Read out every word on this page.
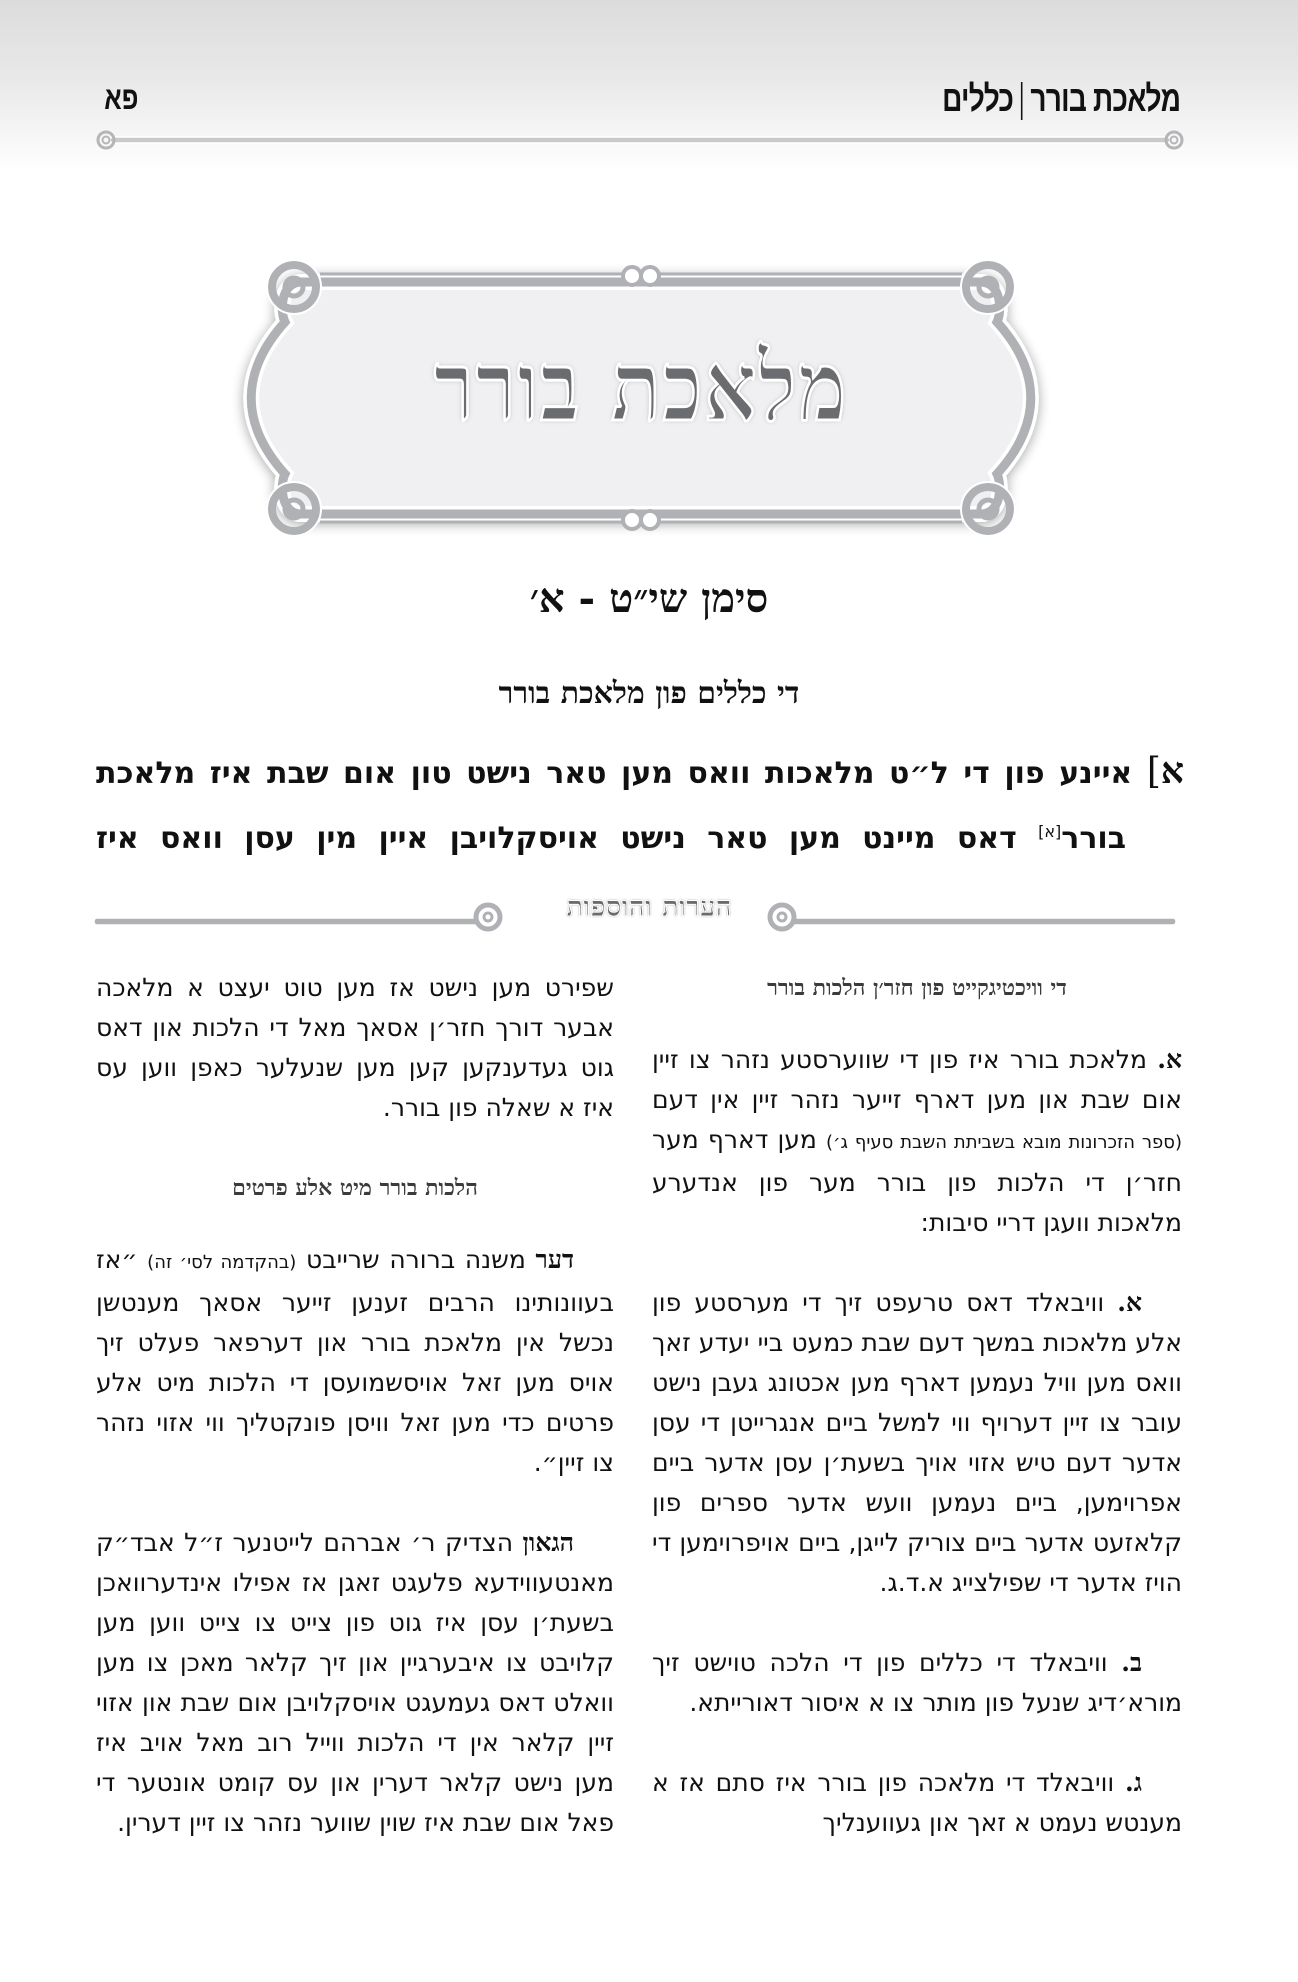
מלאכת בוררכללים
פא
מלאכת בורר
סימן שי״ט - א׳
די כללים פון מלאכת בורר
א] איינע פון די ל״ט מלאכות וואס מען טאר נישט טון אום שבת איז מלאכת
בורר[א] דאס מיינט מען טאר נישט אויסקלויבן איין מין עסן וואס איז
הערות והוספות

די וויכטיגקייט פון חזר׳ן הלכות בורר

א. מלאכת בורר איז פון די שווערסטע נזהר צו זיין אום שבת און מען דארף זייער נזהר זיין אין דעם (ספר הזכרונות מובא בשביתת השבת סעיף ג׳) מען דארף מער חזר׳ן די הלכות פון בורר מער פון אנדערע מלאכות וועגן דריי סיבות:

א. וויבאלד דאס טרעפט זיך די מערסטע פון אלע מלאכות במשך דעם שבת כמעט ביי יעדע זאך וואס מען וויל נעמען דארף מען אכטונג געבן נישט עובר צו זיין דערויף ווי למשל ביים אנגרייטן די עסן אדער דעם טיש אזוי אויך בשעת׳ן עסן אדער ביים אפרוימען, ביים נעמען וועש אדער ספרים פון קלאזעט אדער ביים צוריק לייגן, ביים אויפרוימען די הויז אדער די שפילצייג א.ד.ג.

ב. וויבאלד די כללים פון די הלכה טוישט זיך מורא׳דיג שנעל פון מותר צו א איסור דאורייתא.

ג. וויבאלד די מלאכה פון בורר איז סתם אז א מענטש נעמט א זאך און געווענליך

שפירט מען נישט אז מען טוט יעצט א מלאכה אבער דורך חזר׳ן אסאך מאל די הלכות און דאס גוט געדענקען קען מען שנעלער כאפן ווען עס איז א שאלה פון בורר.

הלכות בורר מיט אלע פרטים

דער משנה ברורה שרייבט (בהקדמה לסי׳ זה) ״אז בעוונותינו הרבים זענען זייער אסאך מענטשן נכשל אין מלאכת בורר און דערפאר פעלט זיך אויס מען זאל אויסשמועסן די הלכות מיט אלע פרטים כדי מען זאל וויסן פונקטליך ווי אזוי נזהר צו זיין״.

הגאון הצדיק ר׳ אברהם לייטנער ז״ל אבד״ק מאנטעווידעא פלעגט זאגן אז אפילו אינדערוואכן בשעת׳ן עסן איז גוט פון צייט צו צייט ווען מען קלויבט צו איבערגיין און זיך קלאר מאכן צו מען וואלט דאס געמעגט אויסקלויבן אום שבת און אזוי זיין קלאר אין די הלכות ווייל רוב מאל אויב איז מען נישט קלאר דערין און עס קומט אונטער די פאל אום שבת איז שוין שווער נזהר צו זיין דערין.
